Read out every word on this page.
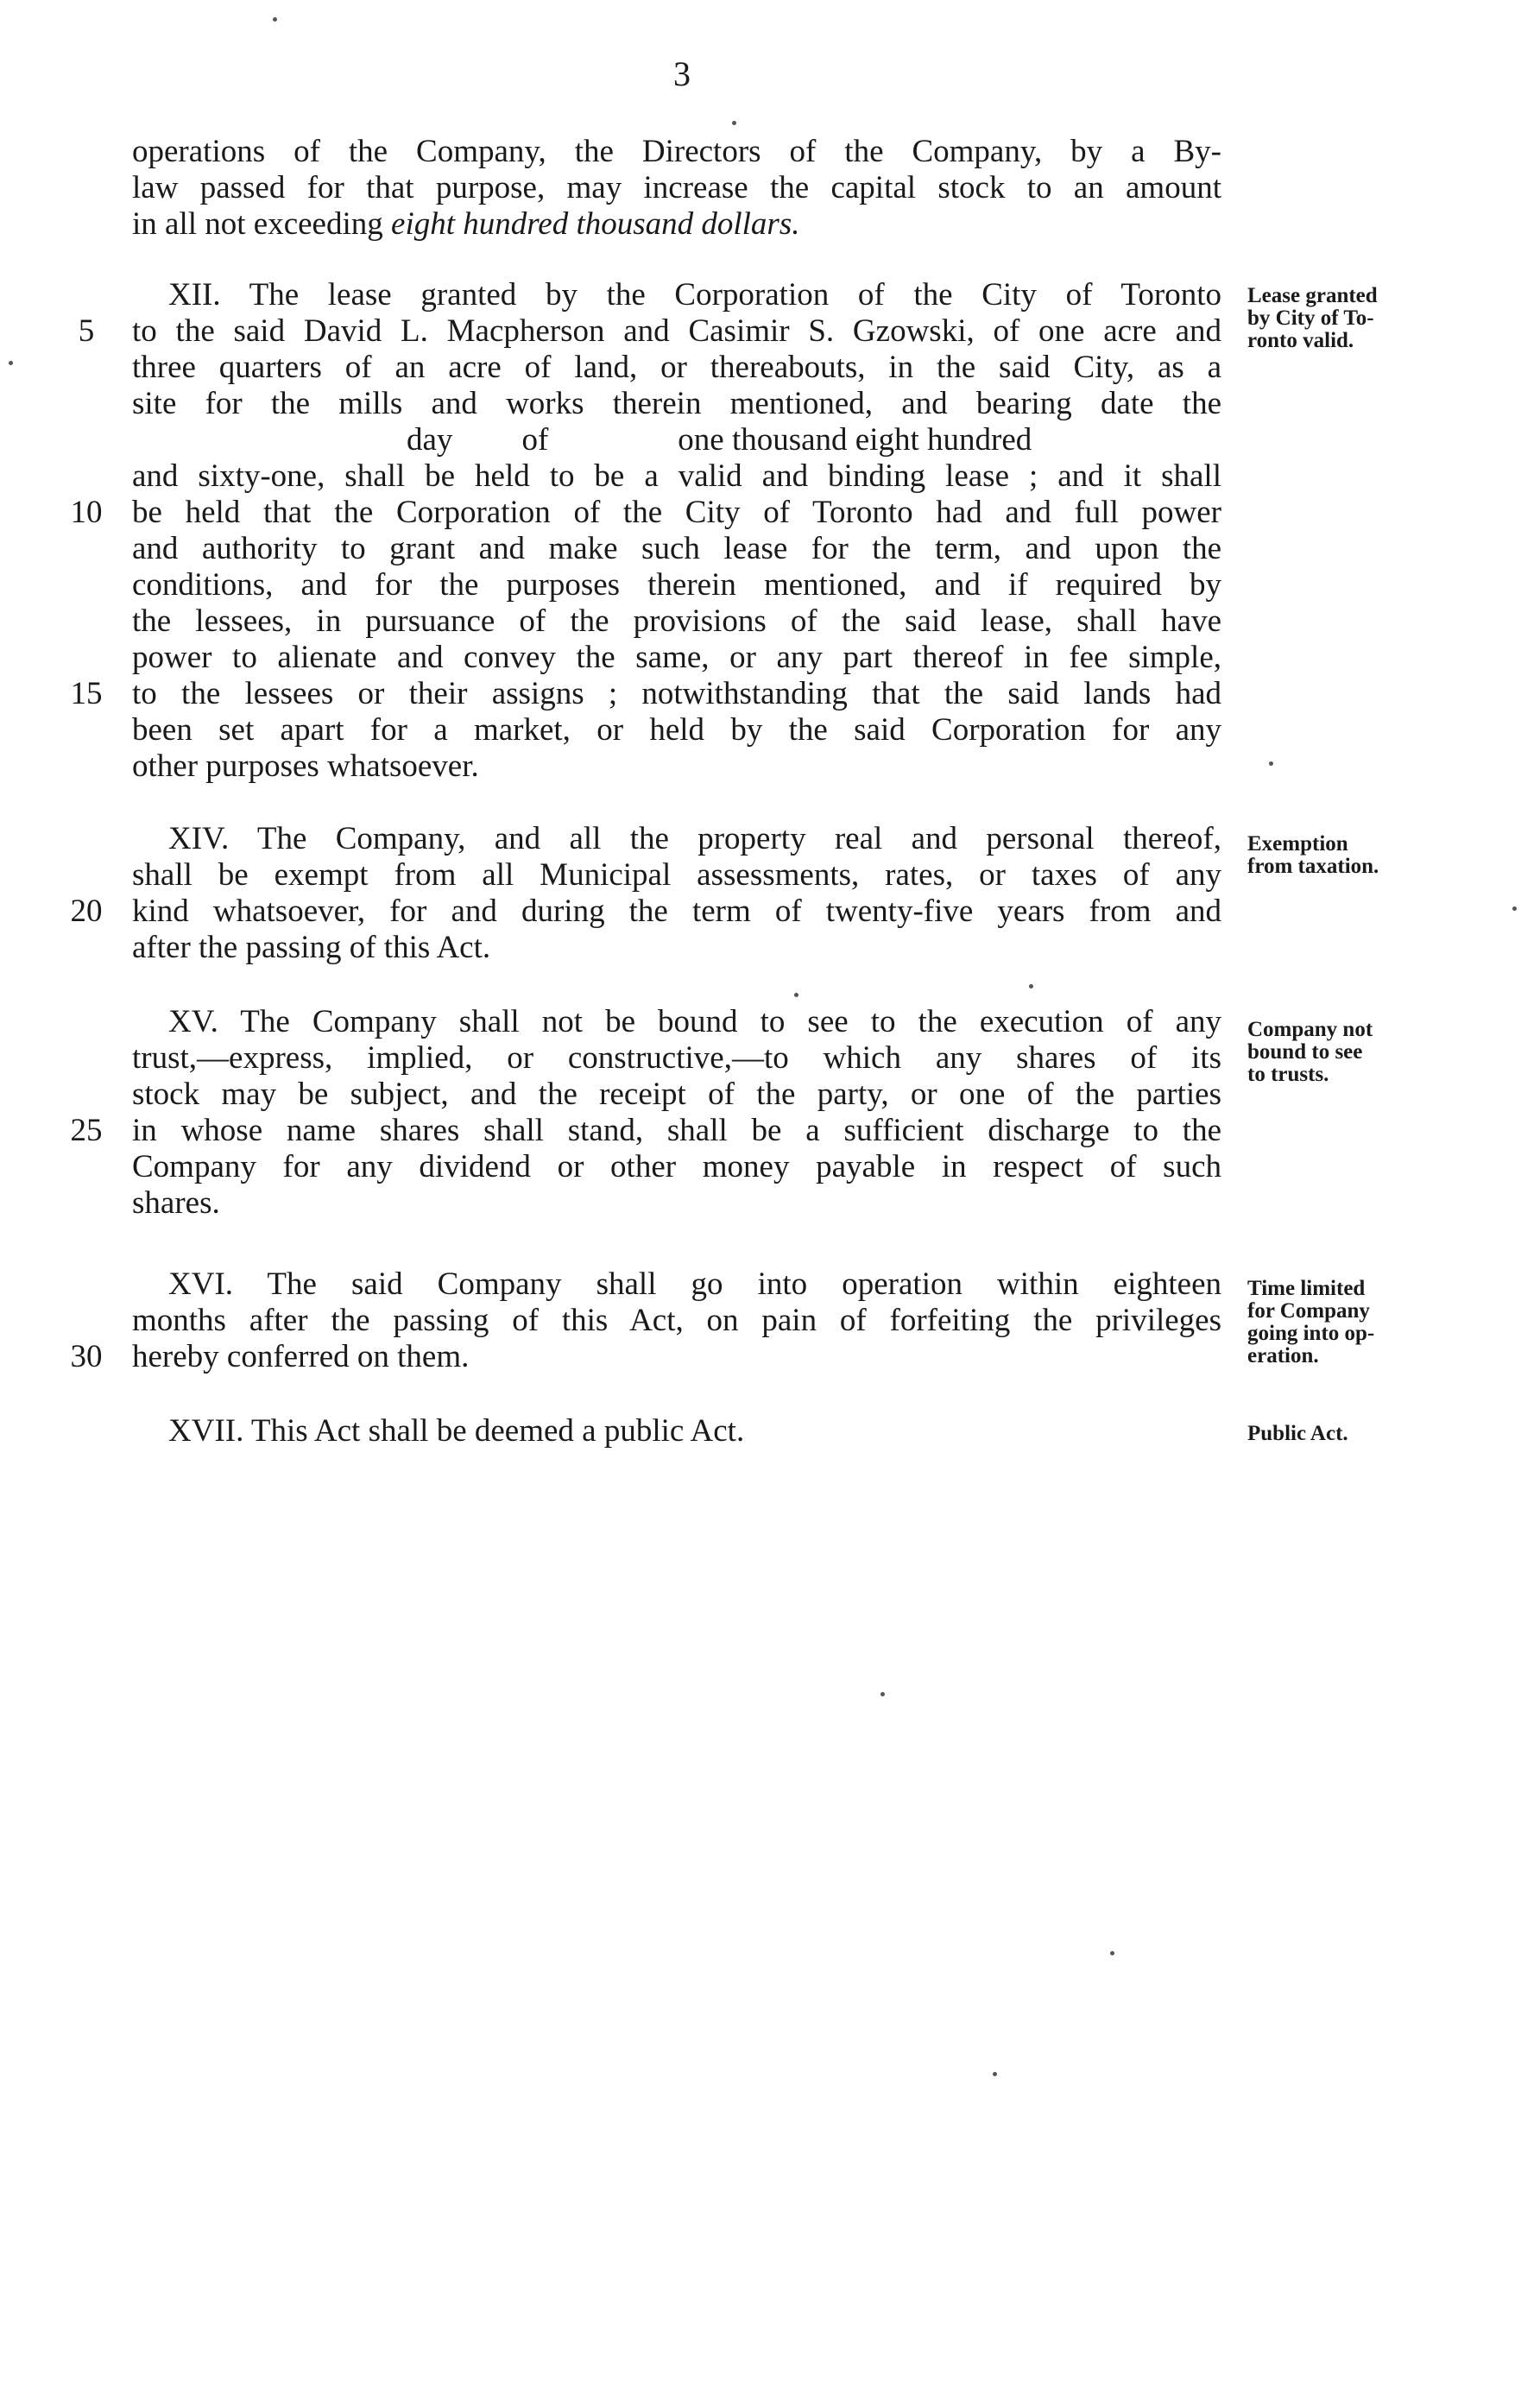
3
operations of the Company, the Directors of the Company, by a By-
law passed for that purpose, may increase the capital stock to an amount
in all not exceeding eight hundred thousand dollars.
XII. The lease granted by the Corporation of the City of Toronto
to the said David L. Macpherson and Casimir S. Gzowski, of one acre and
three quarters of an acre of land, or thereabouts, in the said City, as a
site for the mills and works therein mentioned, and bearing date the
day of	one thousand eight hundred
and sixty-one, shall be held to be a valid and binding lease ; and it shall
be held that the Corporation of the City of Toronto had and full power
and authority to grant and make such lease for the term, and upon the
conditions, and for the purposes therein mentioned, and if required by
the lessees, in pursuance of the provisions of the said lease, shall have
power to alienate and convey the same, or any part thereof in fee simple,
to the lessees or their assigns ; notwithstanding that the said lands had
been set apart for a market, or held by the said Corporation for any
other purposes whatsoever.
Lease granted
by City of To-
ronto valid.
XIV. The Company, and all the property real and personal thereof,
shall be exempt from all Municipal assessments, rates, or taxes of any
kind whatsoever, for and during the term of twenty-five years from and
after the passing of this Act.
Exemption
from taxation.
XV. The Company shall not be bound to see to the execution of any
trust,—express, implied, or constructive,—to which any shares of its
stock may be subject, and the receipt of the party, or one of the parties
in whose name shares shall stand, shall be a sufficient discharge to the
Company for any dividend or other money payable in respect of such
shares.
Company not
bound to see
to trusts.
XVI. The said Company shall go into operation within eighteen
months after the passing of this Act, on pain of forfeiting the privileges
hereby conferred on them.
Time limited
for Company
going into op-
eration.
XVII. This Act shall be deemed a public Act.	Public Act.
5
10
15
20
25
30
